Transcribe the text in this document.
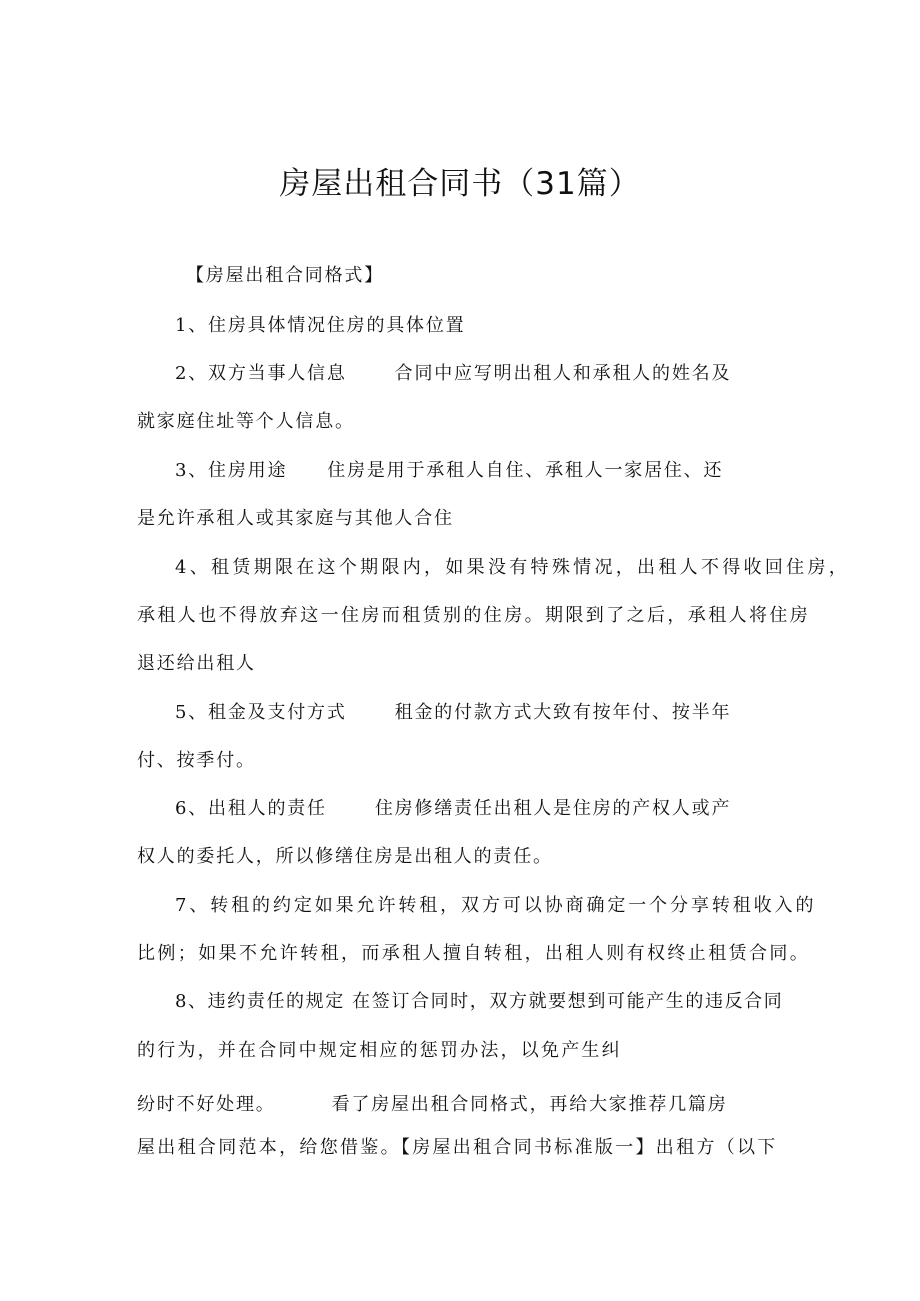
房屋出租合同书（31篇）
【房屋出租合同格式】
1、住房具体情况住房的具体位置
2、双方当事人信息	合同中应写明出租人和承租人的姓名及
就家庭住址等个人信息。
3、住房用途 住房是用于承租人自住、承租人一家居住、还
是允许承租人或其家庭与其他人合住
4、租赁期限在这个期限内，如果没有特殊情况，出租人不得收回住房，
承租人也不得放弃这一住房而租赁别的住房。期限到了之后，承租人将住房
退还给出租人
5、租金及支付方式	租金的付款方式大致有按年付、按半年
付、按季付。
6、出租人的责任	住房修缮责任出租人是住房的产权人或产
权人的委托人，所以修缮住房是出租人的责任。
7、转租的约定如果允许转租，双方可以协商确定一个分享转租收入的
比例；如果不允许转租，而承租人擅自转租，出租人则有权终止租赁合同。
8、违约责任的规定 在签订合同时，双方就要想到可能产生的违反合同
的行为，并在合同中规定相应的惩罚办法，以免产生纠
纷时不好处理。	看了房屋出租合同格式，再给大家推荐几篇房
屋出租合同范本，给您借鉴。【房屋出租合同书标准版一】出租方（以下
